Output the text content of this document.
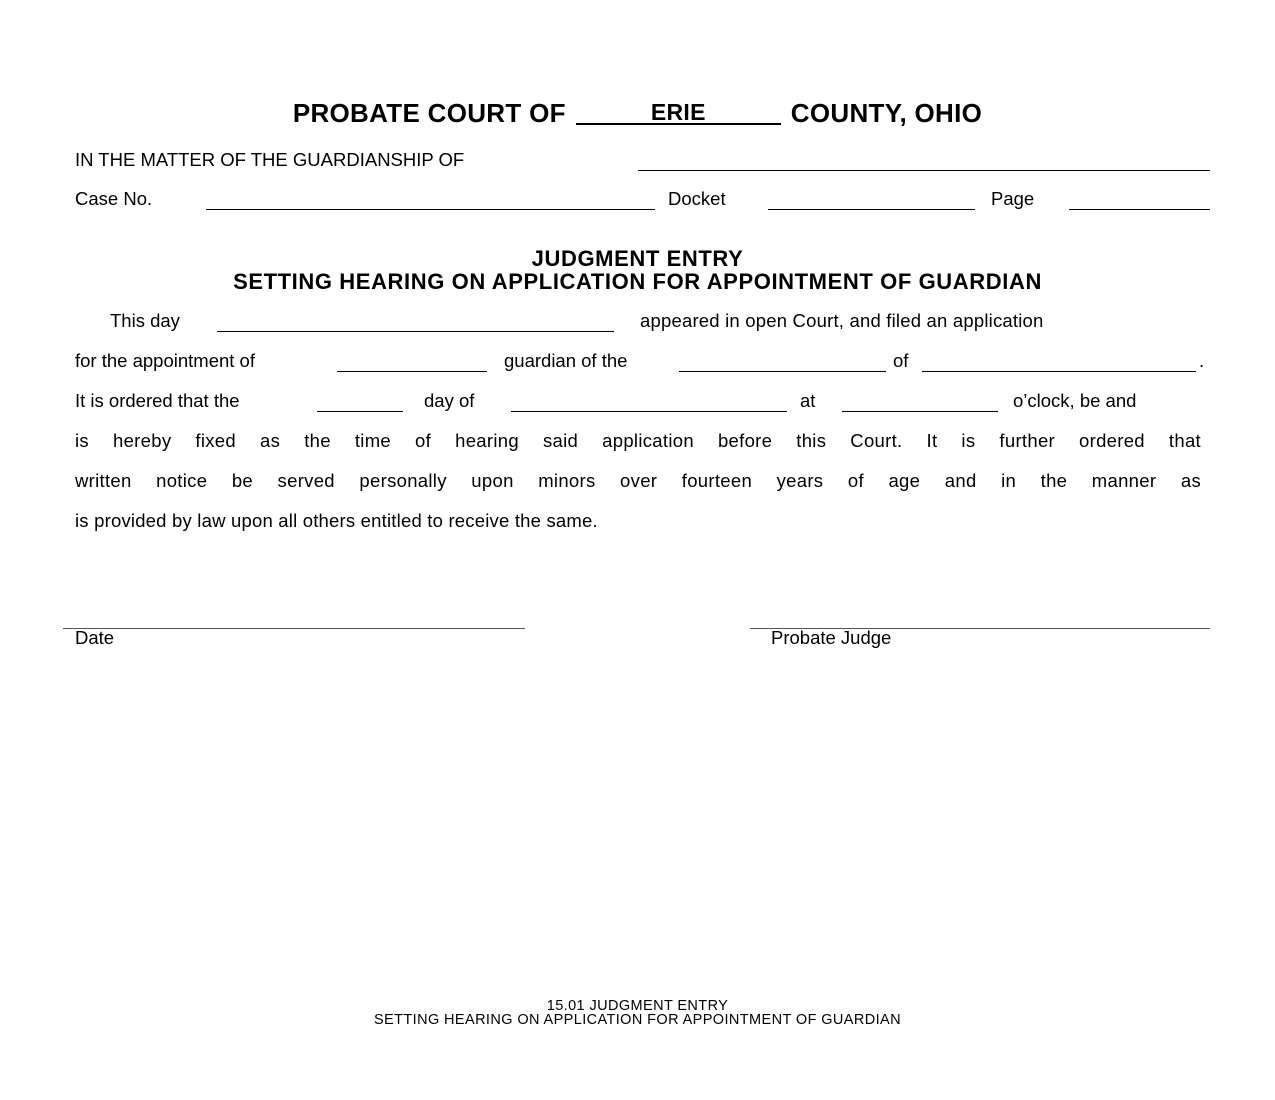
PROBATE COURT OF	ERIE	COUNTY, OHIO
IN THE MATTER OF THE GUARDIANSHIP OF
Case No.	Docket	Page
JUDGMENT ENTRY
SETTING HEARING ON APPLICATION FOR APPOINTMENT OF GUARDIAN
This day	appeared in open Court, and filed an application
for the appointment of	guardian of the	of	.
It is ordered that the	day of	at	o’clock, be and
is hereby fixed as the time of hearing said application before this Court. It is further ordered that
written notice be served personally upon minors over fourteen years of age and in the manner as
is provided by law upon all others entitled to receive the same.
Date	Probate Judge
15.01 JUDGMENT ENTRY
SETTING HEARING ON APPLICATION FOR APPOINTMENT OF GUARDIAN
